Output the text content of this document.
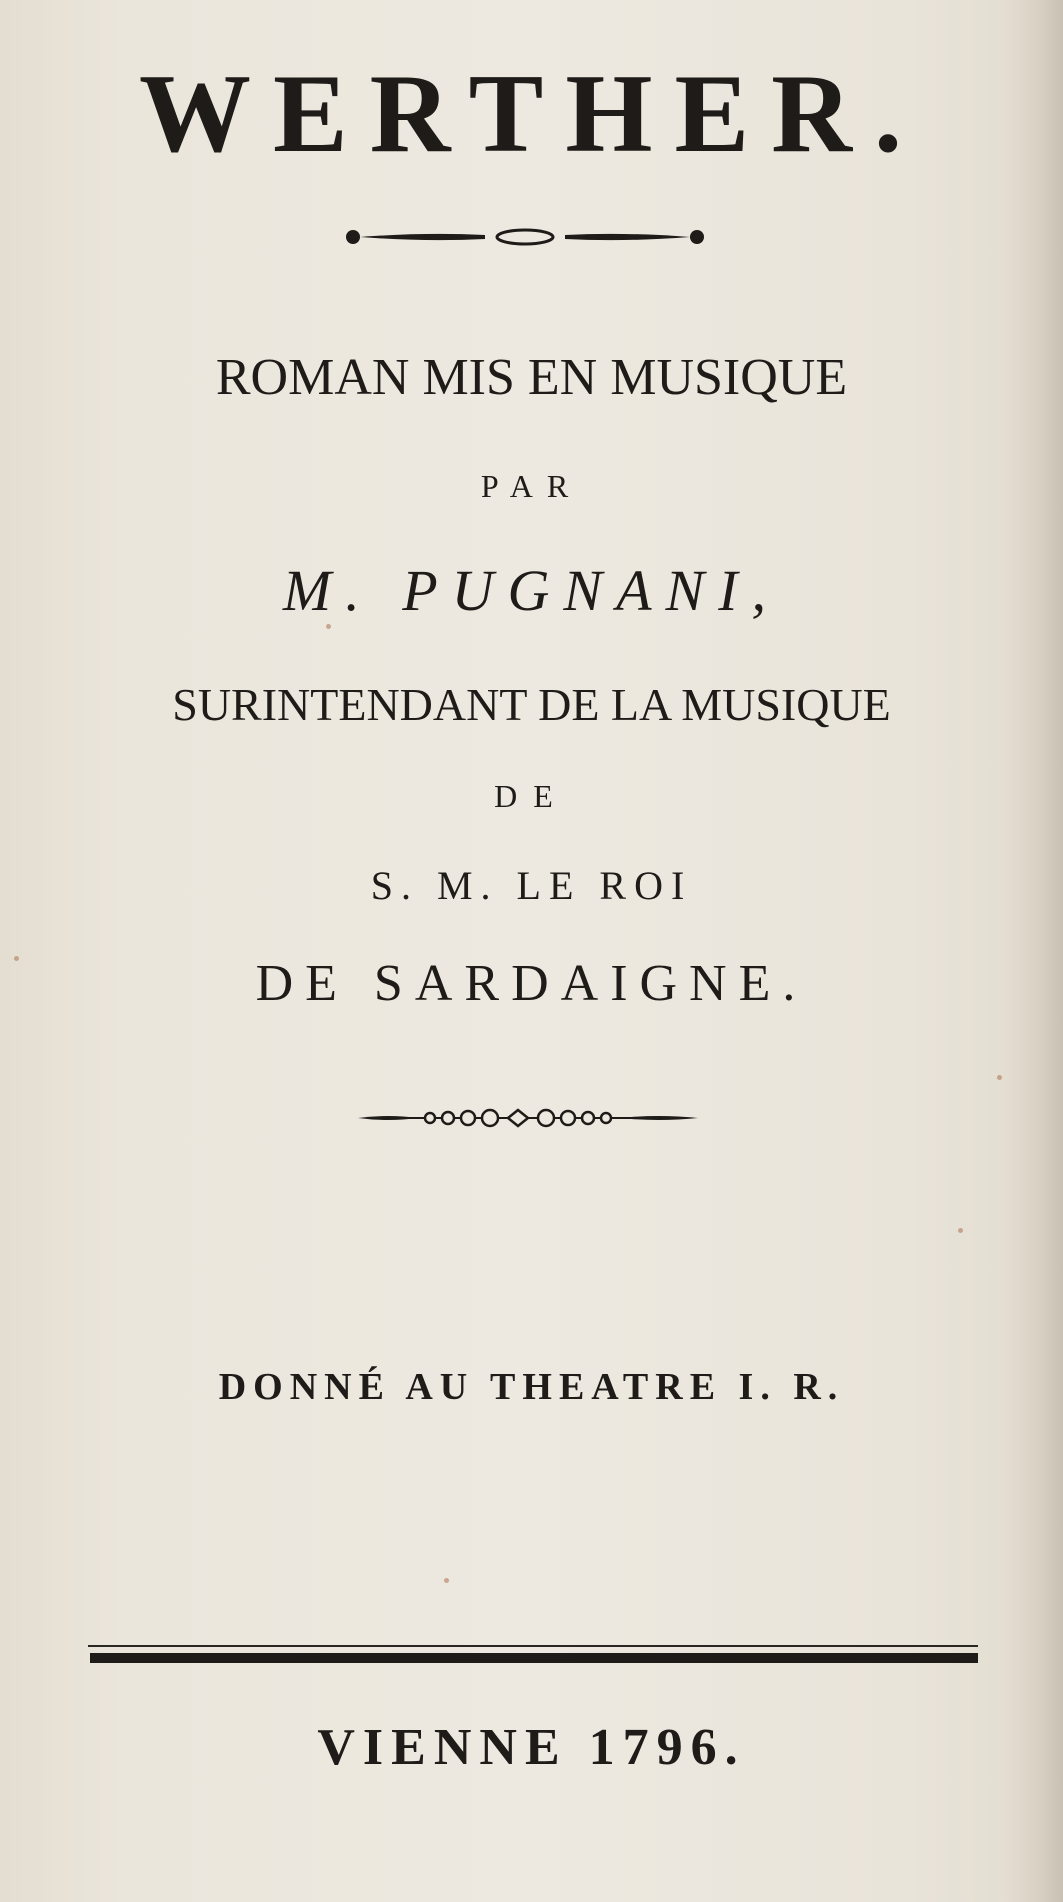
WERTHER.
ROMAN MIS EN MUSIQUE
PAR
M. PUGNANI,
SURINTENDANT DE LA MUSIQUE
DE
S. M. LE ROI
DE SARDAIGNE.
DONNÉ AU THEATRE I. R.
VIENNE 1796.
